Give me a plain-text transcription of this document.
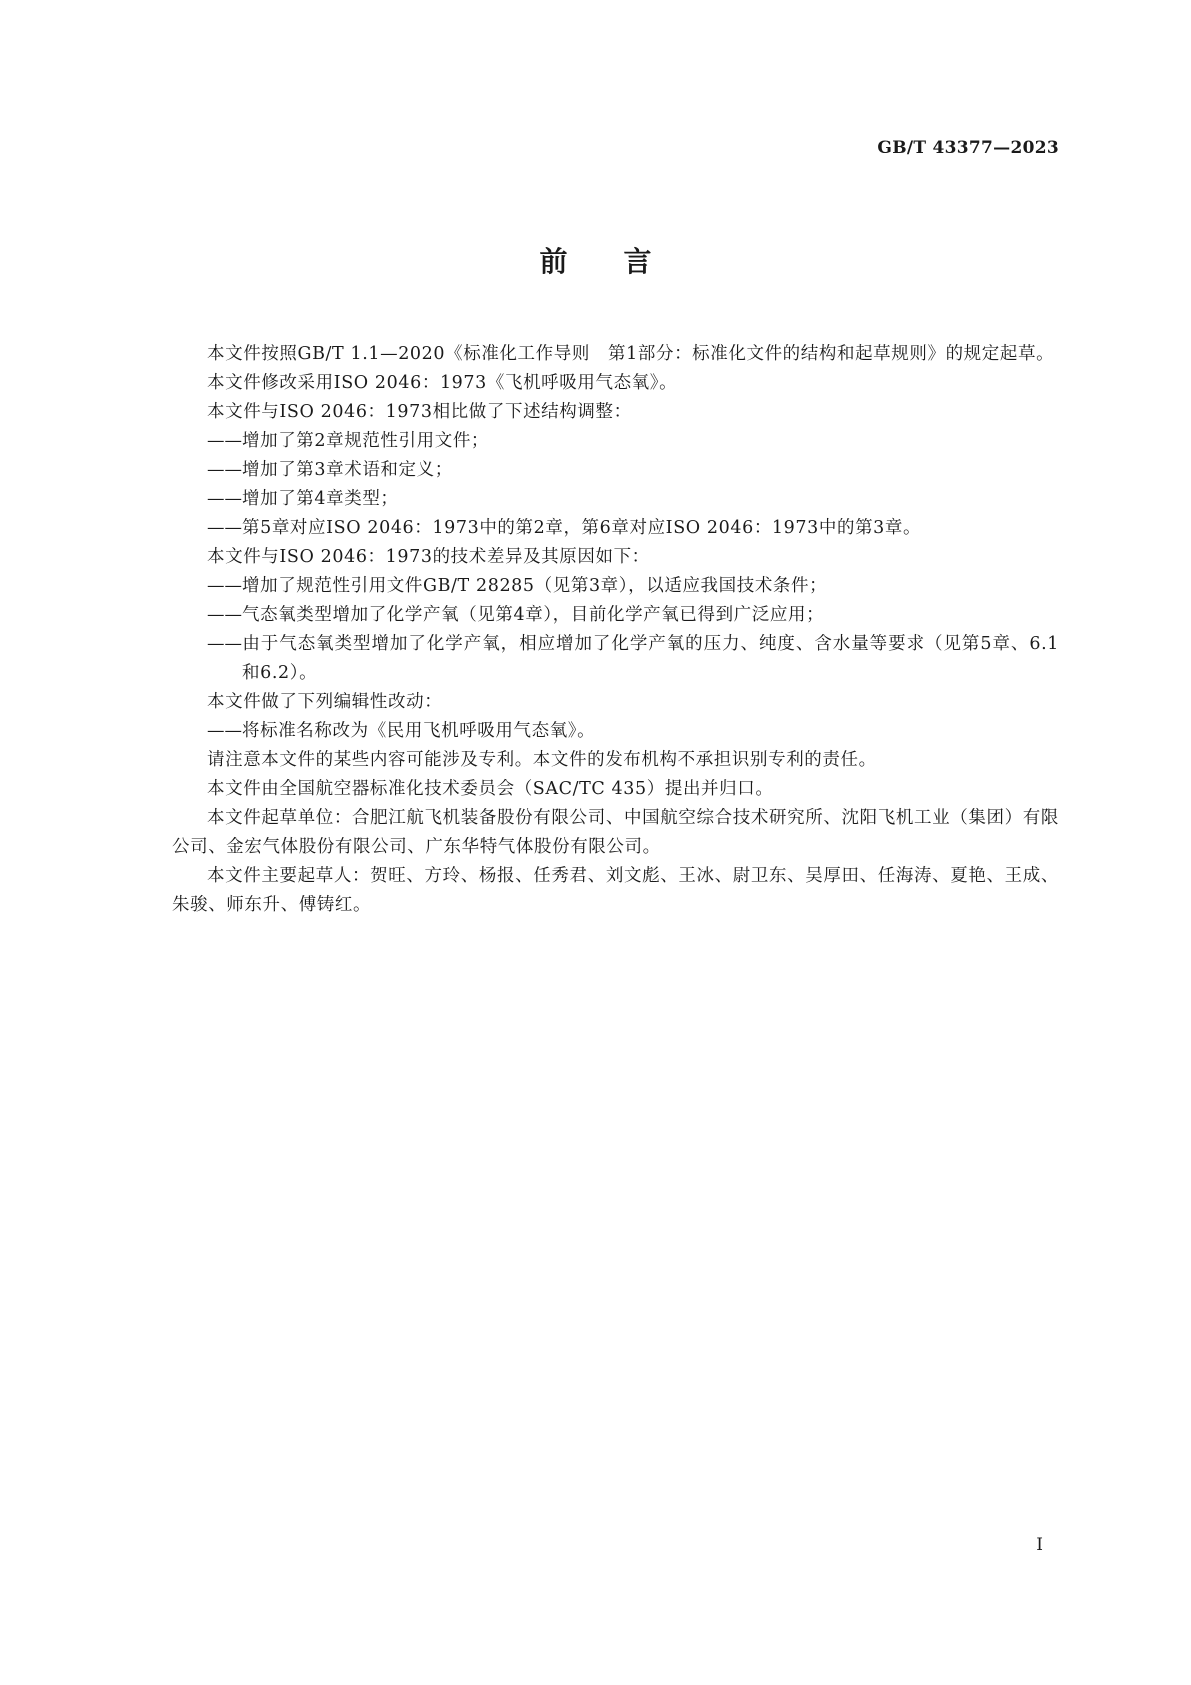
GB/T 43377—2023
前言
本文件按照GB/T 1.1—2020《标准化工作导则　第1部分：标准化文件的结构和起草规则》的规定起草。
本文件修改采用ISO 2046：1973《飞机呼吸用气态氧》。
本文件与ISO 2046：1973相比做了下述结构调整：
——增加了第2章规范性引用文件；
——增加了第3章术语和定义；
——增加了第4章类型；
——第5章对应ISO 2046：1973中的第2章，第6章对应ISO 2046：1973中的第3章。
本文件与ISO 2046：1973的技术差异及其原因如下：
——增加了规范性引用文件GB/T 28285（见第3章），以适应我国技术条件；
——气态氧类型增加了化学产氧（见第4章），目前化学产氧已得到广泛应用；
——由于气态氧类型增加了化学产氧，相应增加了化学产氧的压力、纯度、含水量等要求（见第5章、6.1和6.2）。
本文件做了下列编辑性改动：
——将标准名称改为《民用飞机呼吸用气态氧》。
请注意本文件的某些内容可能涉及专利。本文件的发布机构不承担识别专利的责任。
本文件由全国航空器标准化技术委员会（SAC/TC 435）提出并归口。
本文件起草单位：合肥江航飞机装备股份有限公司、中国航空综合技术研究所、沈阳飞机工业（集团）有限公司、金宏气体股份有限公司、广东华特气体股份有限公司。
本文件主要起草人：贺旺、方玲、杨报、任秀君、刘文彪、王冰、尉卫东、吴厚田、任海涛、夏艳、王成、朱骏、师东升、傅铸红。
I
